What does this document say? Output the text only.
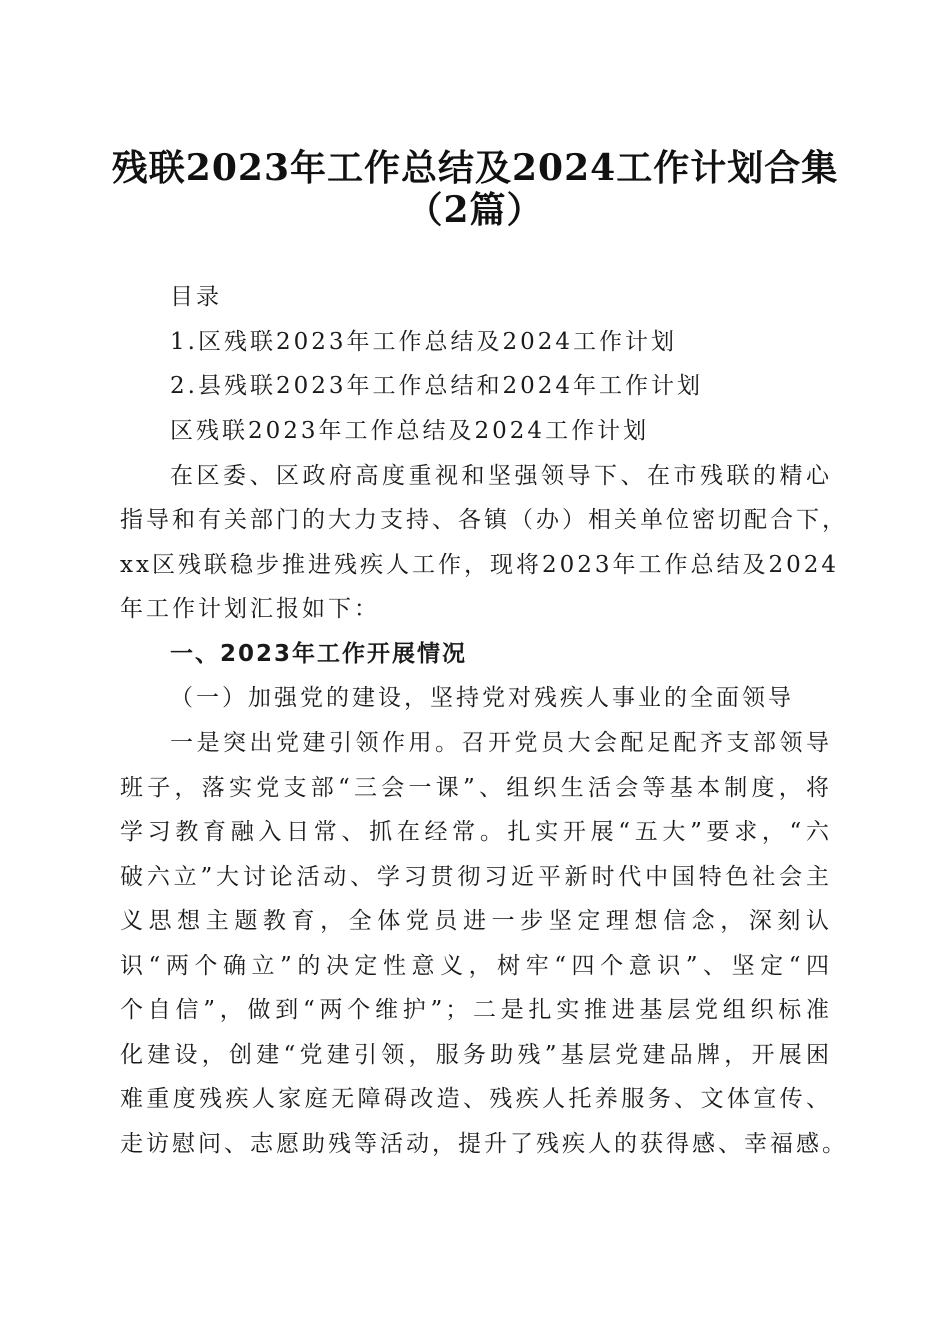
残联2023年工作总结及2024工作计划合集
（2篇）
目录
1.区残联2023年工作总结及2024工作计划
2.县残联2023年工作总结和2024年工作计划
区残联2023年工作总结及2024工作计划
在区委、区政府高度重视和坚强领导下、在市残联的精心
指导和有关部门的大力支持、各镇（办）相关单位密切配合下，
xx区残联稳步推进残疾人工作，现将2023年工作总结及2024
年工作计划汇报如下：
一、2023年工作开展情况
（一）加强党的建设，坚持党对残疾人事业的全面领导
一是突出党建引领作用。召开党员大会配足配齐支部领导
班子，落实党支部“三会一课”、组织生活会等基本制度，将
学习教育融入日常、抓在经常。扎实开展“五大”要求，“六
破六立”大讨论活动、学习贯彻习近平新时代中国特色社会主
义思想主题教育，全体党员进一步坚定理想信念，深刻认
识“两个确立”的决定性意义，树牢“四个意识”、坚定“四
个自信”，做到“两个维护”；二是扎实推进基层党组织标准
化建设，创建“党建引领，服务助残”基层党建品牌，开展困
难重度残疾人家庭无障碍改造、残疾人托养服务、文体宣传、
走访慰问、志愿助残等活动，提升了残疾人的获得感、幸福感。
